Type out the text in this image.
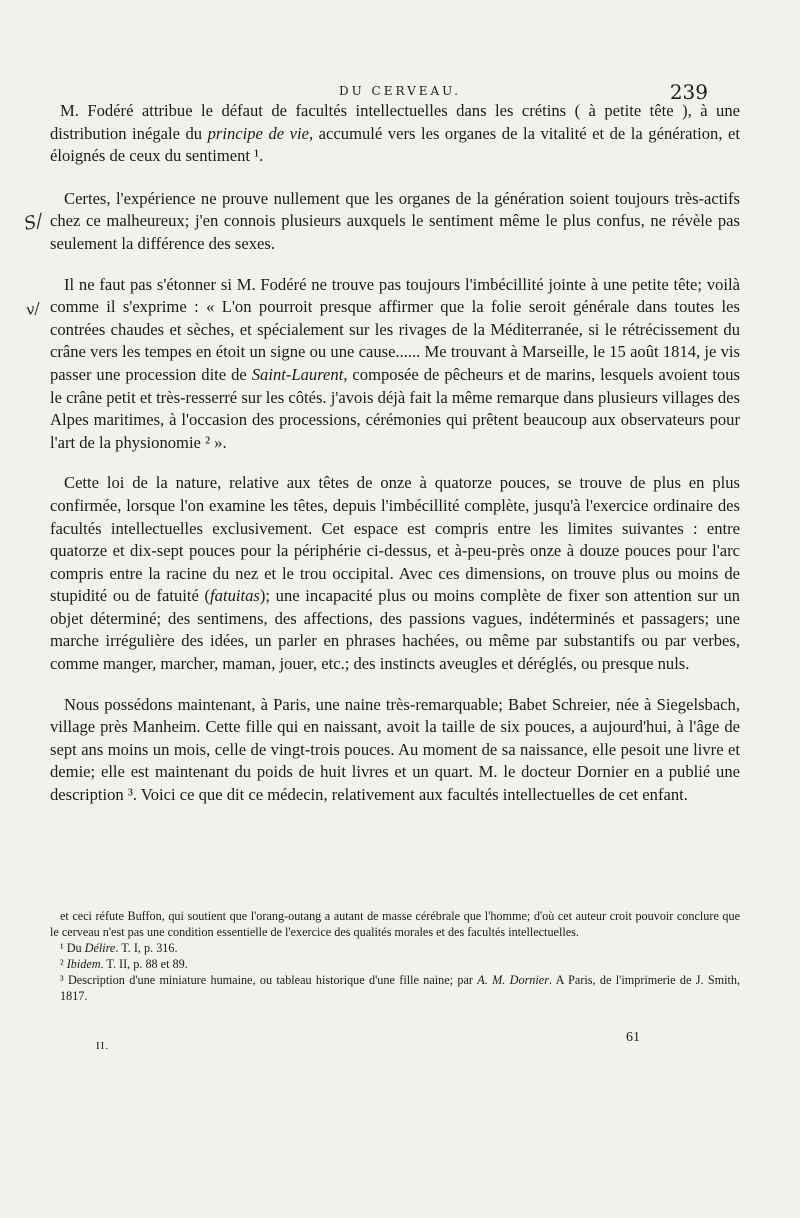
DU CERVEAU.	239
S/
v/

M. Fodéré attribue le défaut de facultés intellectuelles dans les crétins ( à petite tête ), à une distribution inégale du principe de vie, accumulé vers les organes de la vitalité et de la génération, et éloignés de ceux du sentiment ¹.

Certes, l'expérience ne prouve nullement que les organes de la génération soient toujours très-actifs chez ce malheureux; j'en connois plusieurs auxquels le sentiment même le plus confus, ne révèle pas seulement la différence des sexes.

Il ne faut pas s'étonner si M. Fodéré ne trouve pas toujours l'imbécillité jointe à une petite tête; voilà comme il s'exprime : « L'on pourroit presque affirmer que la folie seroit générale dans toutes les contrées chaudes et sèches, et spécialement sur les rivages de la Méditerranée, si le rétrécissement du crâne vers les tempes en étoit un signe ou une cause...... Me trouvant à Marseille, le 15 août 1814, je vis passer une procession dite de Saint-Laurent, composée de pêcheurs et de marins, lesquels avoient tous le crâne petit et très-resserré sur les côtés. j'avois déjà fait la même remarque dans plusieurs villages des Alpes maritimes, à l'occasion des processions, cérémonies qui prêtent beaucoup aux observateurs pour l'art de la physionomie ² ».

Cette loi de la nature, relative aux têtes de onze à quatorze pouces, se trouve de plus en plus confirmée, lorsque l'on examine les têtes, depuis l'imbécillité complète, jusqu'à l'exercice ordinaire des facultés intellectuelles exclusivement. Cet espace est compris entre les limites suivantes : entre quatorze et dix-sept pouces pour la périphérie ci-dessus, et à-peu-près onze à douze pouces pour l'arc compris entre la racine du nez et le trou occipital. Avec ces dimensions, on trouve plus ou moins de stupidité ou de fatuité (fatuitas); une incapacité plus ou moins complète de fixer son attention sur un objet déterminé; des sentimens, des affections, des passions vagues, indéterminés et passagers; une marche irrégulière des idées, un parler en phrases hachées, ou même par substantifs ou par verbes, comme manger, marcher, maman, jouer, etc.; des instincts aveugles et déréglés, ou presque nuls.

Nous possédons maintenant, à Paris, une naine très-remarquable; Babet Schreier, née à Siegelsbach, village près Manheim. Cette fille qui en naissant, avoit la taille de six pouces, a aujourd'hui, à l'âge de sept ans moins un mois, celle de vingt-trois pouces. Au moment de sa naissance, elle pesoit une livre et demie; elle est maintenant du poids de huit livres et un quart. M. le docteur Dornier en a publié une description ³. Voici ce que dit ce médecin, relativement aux facultés intellectuelles de cet enfant.

et ceci réfute Buffon, qui soutient que l'orang-outang a autant de masse cérébrale que l'homme; d'où cet auteur croit pouvoir conclure que le cerveau n'est pas une condition essentielle de l'exercice des qualités morales et des facultés intellectuelles.

¹ Du Délire. T. I, p. 316.

² Ibidem. T. II, p. 88 et 89.

³ Description d'une miniature humaine, ou tableau historique d'une fille naine; par A. M. Dornier. A Paris, de l'imprimerie de J. Smith, 1817.

II.
61
